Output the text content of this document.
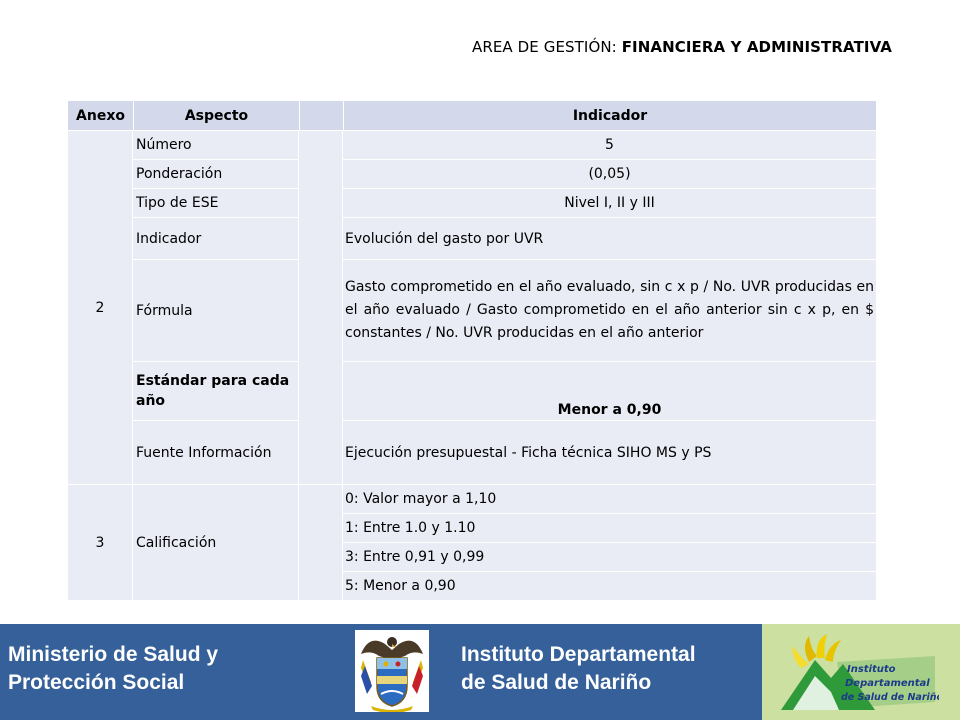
AREA DE GESTIÓN: FINANCIERA Y ADMINISTRATIVA
Anexo	Aspecto		Indicador
2	Número		5
	Ponderación		(0,05)
	Tipo de ESE		Nivel I, II y III
	Indicador		Evolución del gasto por UVR
	Fórmula		Gasto comprometido en el año evaluado, sin c x p / No. UVR producidas en el año evaluado / Gasto comprometido en el año anterior sin c x p, en $ constantes / No. UVR producidas en el año anterior
	Estándar para cada año		Menor a 0,90
	Fuente Información		Ejecución presupuestal - Ficha técnica SIHO MS y PS
3	Calificación		0: Valor mayor a 1,10
			1: Entre 1.0 y 1.10
			3: Entre 0,91 y 0,99
			5: Menor a 0,90
Ministerio de Salud y
Protección Social
Instituto Departamental
de Salud de Nariño
Instituto
Departamental
de Salud de Nariño
